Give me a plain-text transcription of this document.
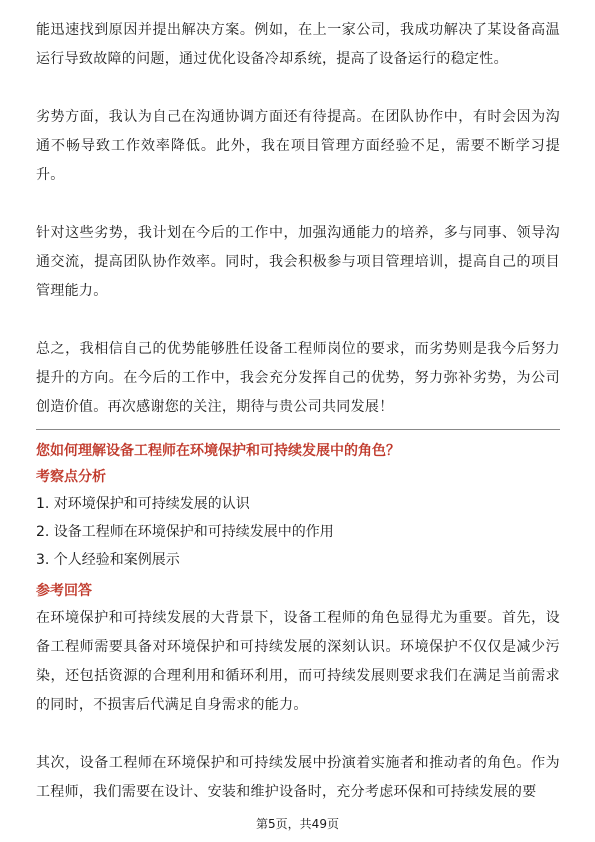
能迅速找到原因并提出解决方案。例如，在上一家公司，我成功解决了某设备高温运行导致故障的问题，通过优化设备冷却系统，提高了设备运行的稳定性。

劣势方面，我认为自己在沟通协调方面还有待提高。在团队协作中，有时会因为沟通不畅导致工作效率降低。此外，我在项目管理方面经验不足，需要不断学习提升。

针对这些劣势，我计划在今后的工作中，加强沟通能力的培养，多与同事、领导沟通交流，提高团队协作效率。同时，我会积极参与项目管理培训，提高自己的项目管理能力。

总之，我相信自己的优势能够胜任设备工程师岗位的要求，而劣势则是我今后努力提升的方向。在今后的工作中，我会充分发挥自己的优势，努力弥补劣势，为公司创造价值。再次感谢您的关注，期待与贵公司共同发展！

您如何理解设备工程师在环境保护和可持续发展中的角色？

考察点分析

1. 对环境保护和可持续发展的认识
2. 设备工程师在环境保护和可持续发展中的作用
3. 个人经验和案例展示

参考回答

在环境保护和可持续发展的大背景下，设备工程师的角色显得尤为重要。首先，设备工程师需要具备对环境保护和可持续发展的深刻认识。环境保护不仅仅是减少污染，还包括资源的合理利用和循环利用，而可持续发展则要求我们在满足当前需求的同时，不损害后代满足自身需求的能力。

其次，设备工程师在环境保护和可持续发展中扮演着实施者和推动者的角色。作为工程师，我们需要在设计、安装和维护设备时，充分考虑环保和可持续发展的要

第5页，共49页
